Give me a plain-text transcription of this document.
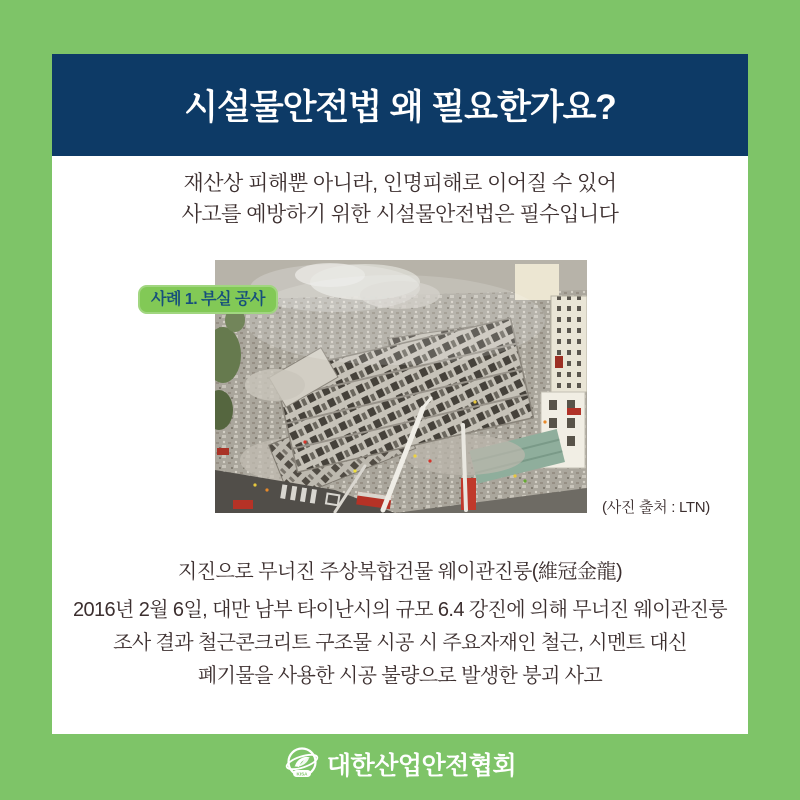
시설물안전법 왜 필요한가요?
재산상 피해뿐 아니라, 인명피해로 이어질 수 있어
사고를 예방하기 위한 시설물안전법은 필수입니다
사례 1. 부실 공사
(사진 출처 : LTN)
지진으로 무너진 주상복합건물 웨이관진룽(維冠金龍)
2016년 2월 6일, 대만 남부 타이난시의 규모 6.4 강진에 의해 무너진 웨이관진룽
조사 결과 철근콘크리트 구조물 시공 시 주요자재인 철근, 시멘트 대신
폐기물을 사용한 시공 불량으로 발생한 붕괴 사고
KISA 대한산업안전협회
